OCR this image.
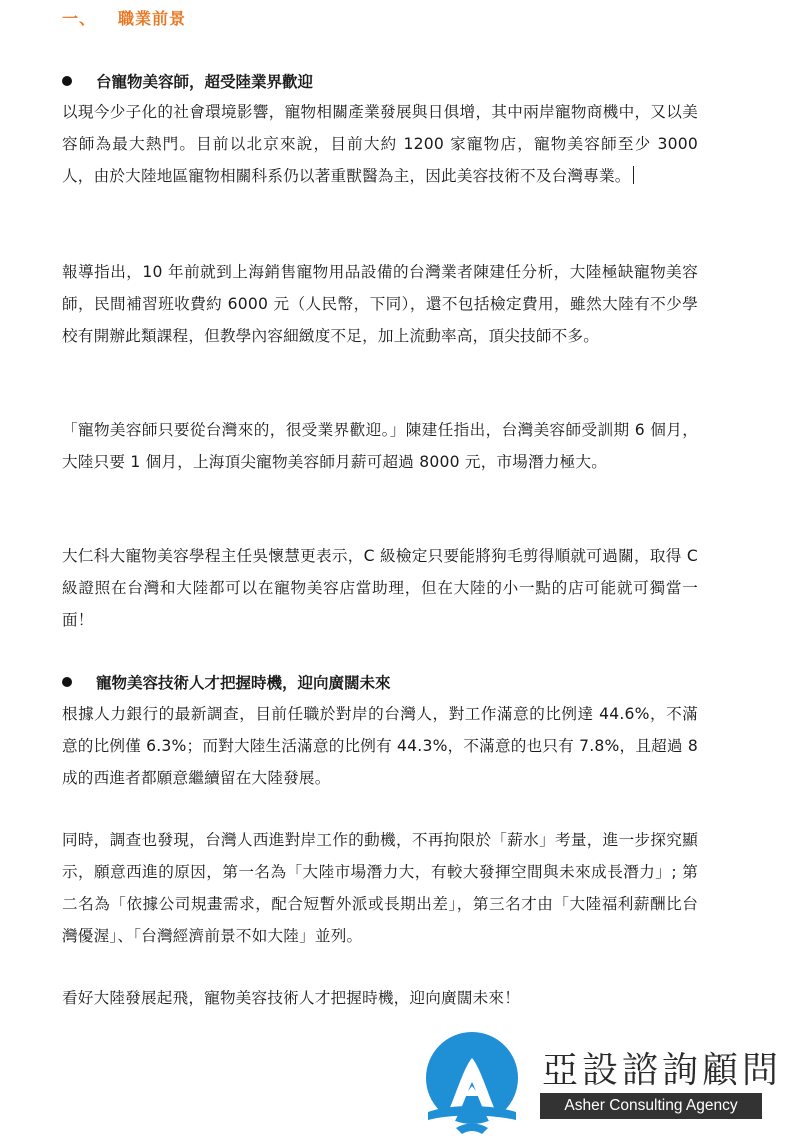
一、 職業前景
台寵物美容師，超受陸業界歡迎

以現今少子化的社會環境影響，寵物相關產業發展與日俱增，其中兩岸寵物商機中，又以美容師為最大熱門。目前以北京來說，目前大約 1200 家寵物店，寵物美容師至少 3000 人，由於大陸地區寵物相關科系仍以著重獸醫為主，因此美容技術不及台灣專業。

報導指出，10 年前就到上海銷售寵物用品設備的台灣業者陳建任分析，大陸極缺寵物美容師，民間補習班收費約 6000 元（人民幣，下同），還不包括檢定費用，雖然大陸有不少學校有開辦此類課程，但教學內容細緻度不足，加上流動率高，頂尖技師不多。

「寵物美容師只要從台灣來的，很受業界歡迎。」陳建任指出，台灣美容師受訓期 6 個月，大陸只要 1 個月，上海頂尖寵物美容師月薪可超過 8000 元，市場潛力極大。

大仁科大寵物美容學程主任吳懷慧更表示，C 級檢定只要能將狗毛剪得順就可過關，取得 C 級證照在台灣和大陸都可以在寵物美容店當助理，但在大陸的小一點的店可能就可獨當一面！

寵物美容技術人才把握時機，迎向廣闊未來

根據人力銀行的最新調查，目前任職於對岸的台灣人，對工作滿意的比例達 44.6%，不滿意的比例僅 6.3%；而對大陸生活滿意的比例有 44.3%，不滿意的也只有 7.8%，且超過 8 成的西進者都願意繼續留在大陸發展。

同時，調查也發現，台灣人西進對岸工作的動機，不再拘限於「薪水」考量，進一步探究顯示，願意西進的原因，第一名為「大陸市場潛力大，有較大發揮空間與未來成長潛力」; 第二名為「依據公司規畫需求，配合短暫外派或長期出差」，第三名才由「大陸福利薪酬比台灣優渥」、「台灣經濟前景不如大陸」並列。

看好大陸發展起飛，寵物美容技術人才把握時機，迎向廣闊未來！

亞設諮詢顧問

Asher Consulting Agency
